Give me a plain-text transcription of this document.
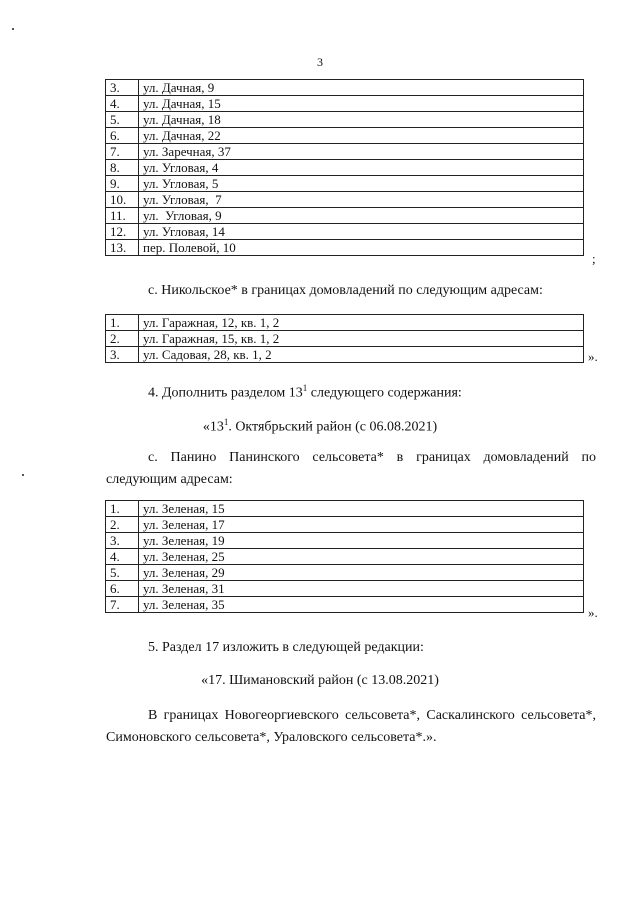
3
3.	ул. Дачная, 9
4.	ул. Дачная, 15
5.	ул. Дачная, 18
6.	ул. Дачная, 22
7.	ул. Заречная, 37
8.	ул. Угловая, 4
9.	ул. Угловая, 5
10.	ул. Угловая,  7
11.	ул.  Угловая, 9
12.	ул. Угловая, 14
13.	пер. Полевой, 10
;
с. Никольское* в границах домовладений по следующим адресам:
1.	ул. Гаражная, 12, кв. 1, 2
2.	ул. Гаражная, 15, кв. 1, 2
3.	ул. Садовая, 28, кв. 1, 2	».
4. Дополнить разделом $13^1$ следующего содержания:
«$13^1$. Октябрьский район (с 06.08.2021)
с. Панино Панинского сельсовета* в границах домовладений по следующим адресам:
1.	ул. Зеленая, 15
2.	ул. Зеленая, 17
3.	ул. Зеленая, 19
4.	ул. Зеленая, 25
5.	ул. Зеленая, 29
6.	ул. Зеленая, 31
7.	ул. Зеленая, 35
».
5. Раздел 17 изложить в следующей редакции:
«17. Шимановский район (с 13.08.2021)
В границах Новогеоргиевского сельсовета*, Саскалинского сельсовета*, Симоновского сельсовета*, Ураловского сельсовета*.».
